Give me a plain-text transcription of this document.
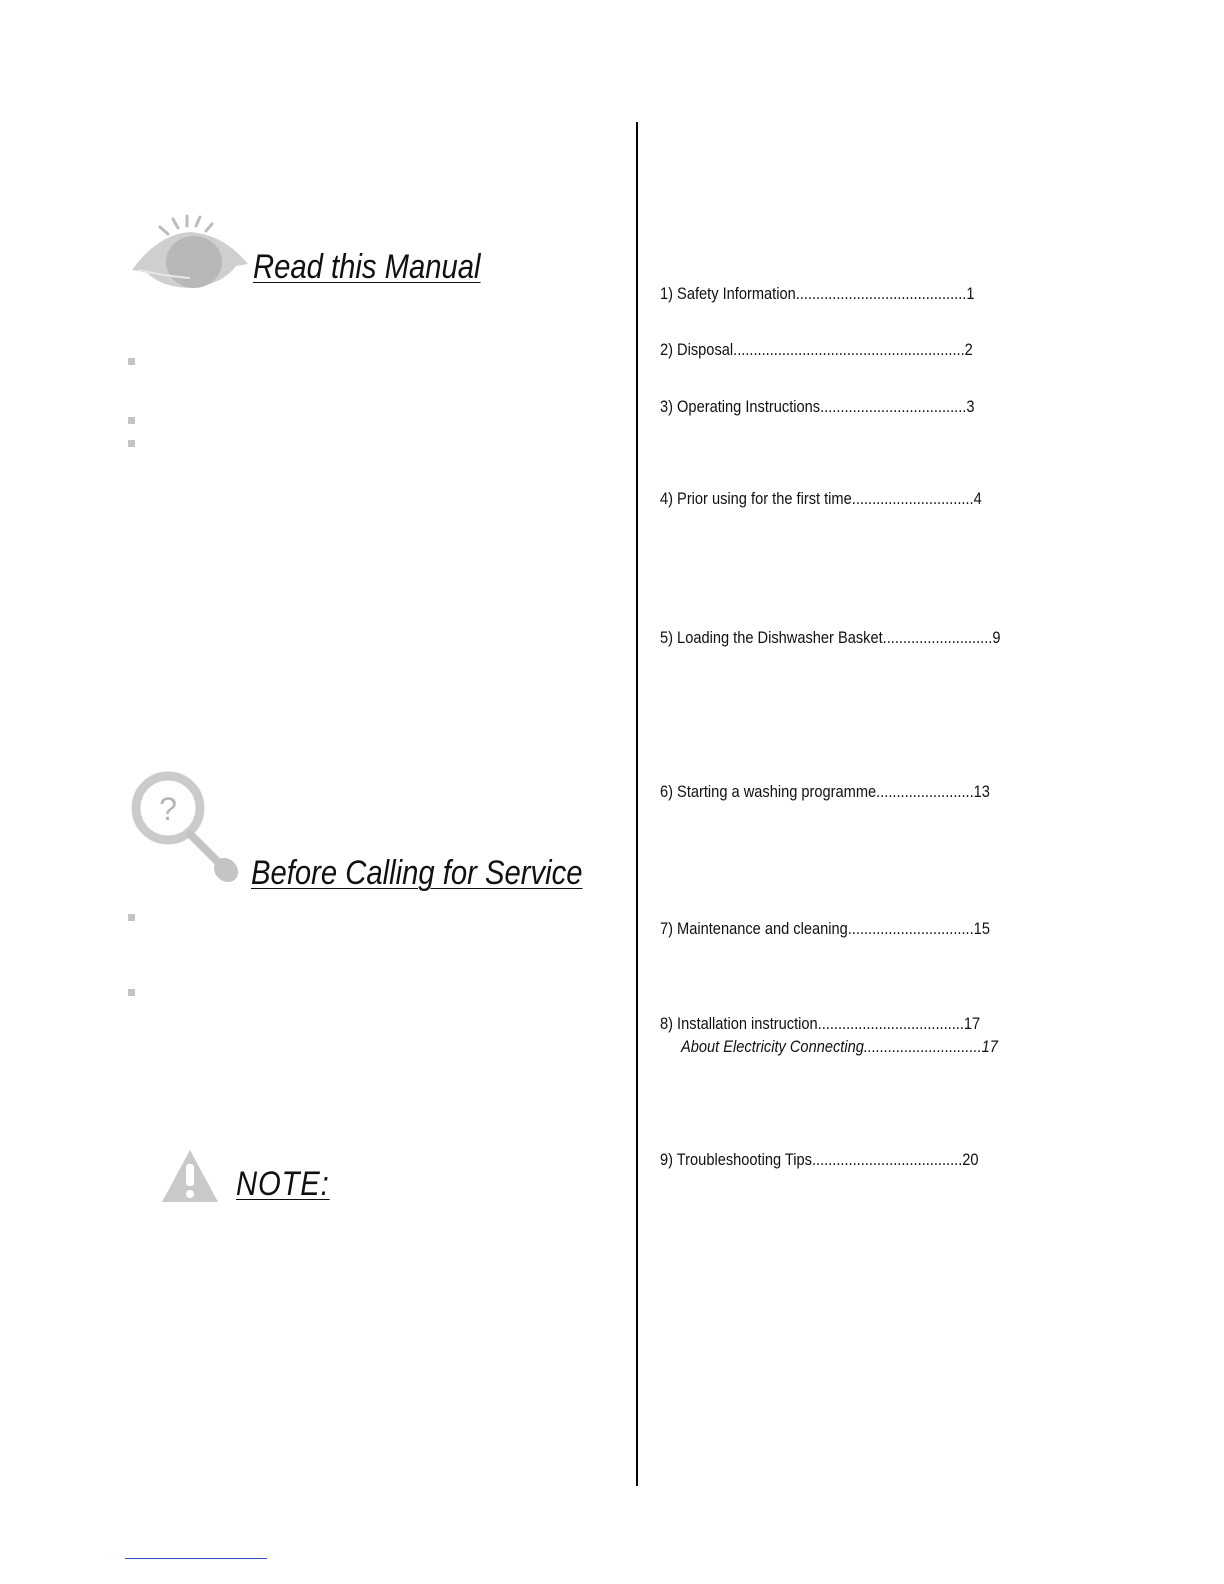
Read this Manual
?
Before Calling for Service
NOTE:
1) Safety Information..........................................1
2) Disposal.........................................................2
3) Operating Instructions....................................3
4) Prior using for the first time..............................4
5) Loading the Dishwasher Basket...........................9
6) Starting a washing programme........................13
7) Maintenance and cleaning...............................15
8) Installation instruction....................................17
About Electricity Connecting.............................17
9) Troubleshooting Tips.....................................20
